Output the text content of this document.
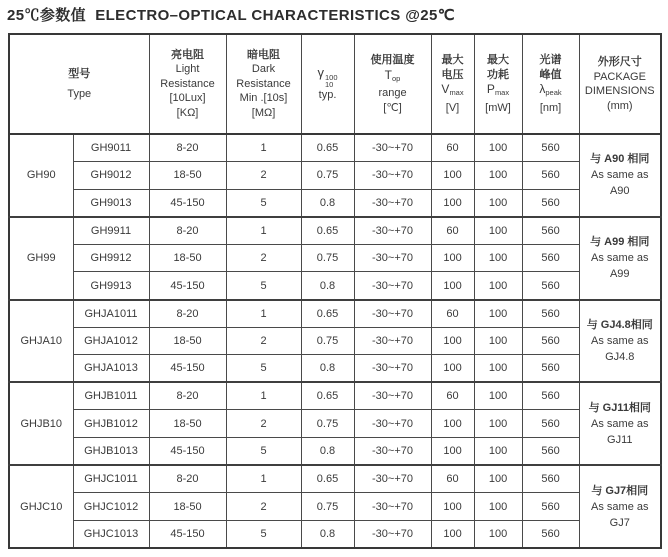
25℃参数值  ELECTRO–OPTICAL CHARACTERISTICS @25℃
型号
Type

亮电阻
Light
Resistance
[10Lux]
[KΩ]

暗电阻
Dark
Resistance
Min .[10s]
[MΩ]

γ 100
10
typ.

使用温度
$T_{op}$
range
[℃]

最大
电压
$V_{max}$
[V]

最大
功耗
$P_{max}$
[mW]

光谱
峰值
$\lambda_{peak}$
[nm]

外形尺寸
PACKAGE
DIMENSIONS
(mm)

GH90	GH9011	8-20	1	0.65	-30~+70	60	100	560	与 A90 相同
As same as
A90

	GH9012	18-50	2	0.75	-30~+70	100	100	560	
	GH9013	45-150	5	0.8	-30~+70	100	100	560	
GH99	GH9911	8-20	1	0.65	-30~+70	60	100	560	与 A99 相同
As same as
A99

	GH9912	18-50	2	0.75	-30~+70	100	100	560	
	GH9913	45-150	5	0.8	-30~+70	100	100	560	
GHJA10	GHJA1011	8-20	1	0.65	-30~+70	60	100	560	与 GJ4.8相同
As same as
GJ4.8

	GHJA1012	18-50	2	0.75	-30~+70	100	100	560	
	GHJA1013	45-150	5	0.8	-30~+70	100	100	560	
GHJB10	GHJB1011	8-20	1	0.65	-30~+70	60	100	560	与 GJ11相同
As same as
GJ11

	GHJB1012	18-50	2	0.75	-30~+70	100	100	560	
	GHJB1013	45-150	5	0.8	-30~+70	100	100	560	
GHJC10	GHJC1011	8-20	1	0.65	-30~+70	60	100	560	与 GJ7相同
As same as
GJ7

	GHJC1012	18-50	2	0.75	-30~+70	100	100	560	
	GHJC1013	45-150	5	0.8	-30~+70	100	100	560	
